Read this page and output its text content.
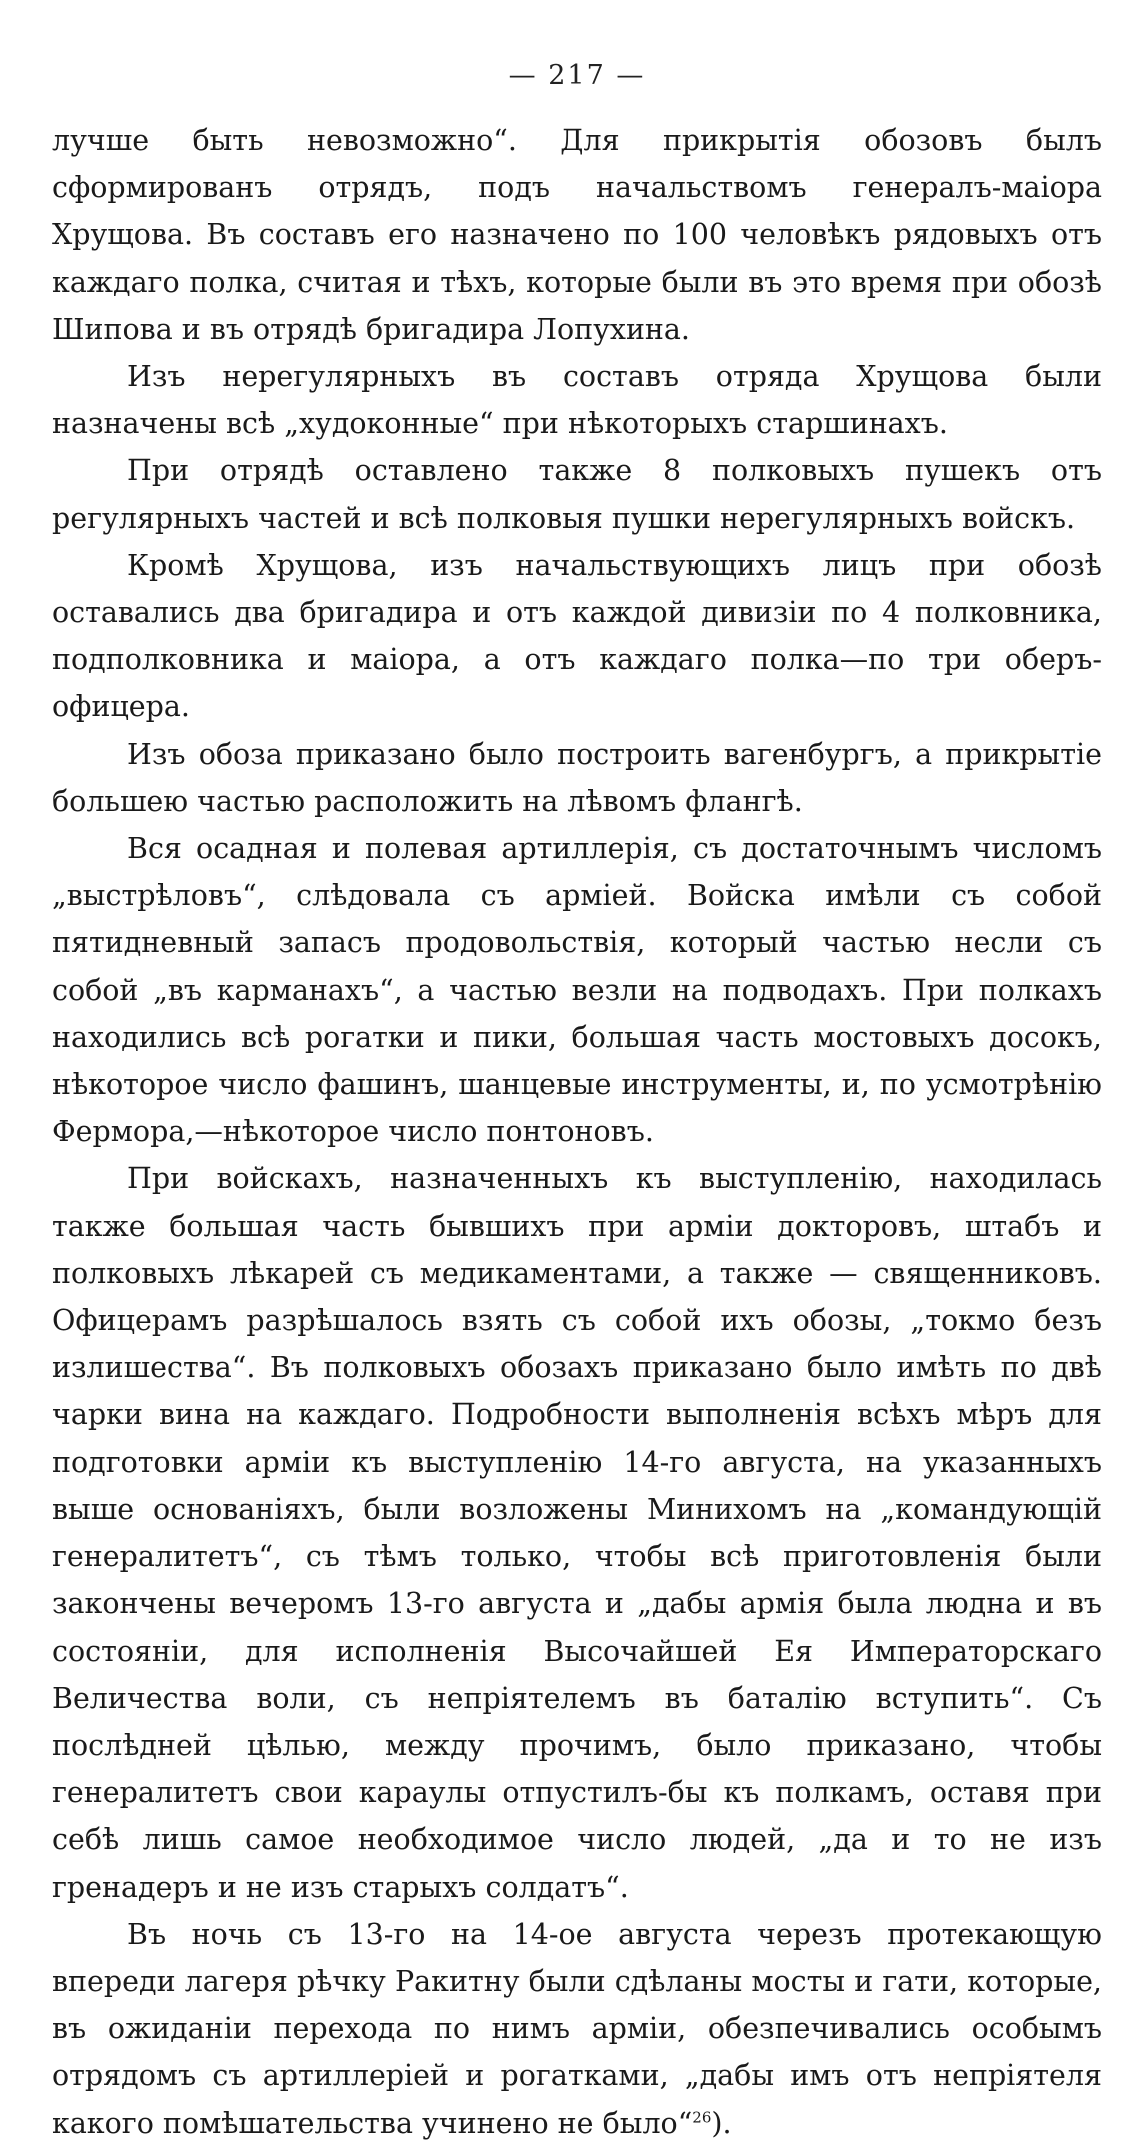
— 217 —

лучше быть невозможно“. Для прикрытія обозовъ былъ сформированъ отрядъ, подъ начальствомъ генералъ-маіора Хрущова. Въ составъ его назначено по 100 человѣкъ рядовыхъ отъ каждаго полка, считая и тѣхъ, которые были въ это время при обозѣ Шипова и въ отрядѣ бригадира Лопухина.

Изъ нерегулярныхъ въ составъ отряда Хрущова были назначены всѣ „худоконные“ при нѣкоторыхъ старшинахъ.

При отрядѣ оставлено также 8 полковыхъ пушекъ отъ регулярныхъ частей и всѣ полковыя пушки нерегулярныхъ войскъ.

Кромѣ Хрущова, изъ начальствующихъ лицъ при обозѣ оставались два бригадира и отъ каждой дивизіи по 4 полковника, подполковника и маіора, а отъ каждаго полка—по три оберъ-офицера.

Изъ обоза приказано было построить вагенбургъ, а прикрытіе большею частью расположить на лѣвомъ флангѣ.

Вся осадная и полевая артиллерія, съ достаточнымъ числомъ „выстрѣловъ“, слѣдовала съ арміей. Войска имѣли съ собой пятидневный запасъ продовольствія, который частью несли съ собой „въ карманахъ“, а частью везли на подводахъ. При полкахъ находились всѣ рогатки и пики, большая часть мостовыхъ досокъ, нѣкоторое число фашинъ, шанцевые инструменты, и, по усмотрѣнію Фермора,—нѣкоторое число понтоновъ.

При войскахъ, назначенныхъ къ выступленію, находилась также большая часть бывшихъ при арміи докторовъ, штабъ и полковыхъ лѣкарей съ медикаментами, а также — священниковъ. Офицерамъ разрѣшалось взять съ собой ихъ обозы, „токмо безъ излишества“. Въ полковыхъ обозахъ приказано было имѣть по двѣ чарки вина на каждаго. Подробности выполненія всѣхъ мѣръ для подготовки арміи къ выступленію 14-го августа, на указанныхъ выше основаніяхъ, были возложены Минихомъ на „командующій генералитетъ“, съ тѣмъ только, чтобы всѣ приготовленія были закончены вечеромъ 13-го августа и „дабы армія была людна и въ состояніи, для исполненія Высочайшей Ея Императорскаго Величества воли, съ непріятелемъ въ баталію вступить“. Съ послѣдней цѣлью, между прочимъ, было приказано, чтобы генералитетъ свои караулы отпустилъ-бы къ полкамъ, оставя при себѣ лишь самое необходимое число людей, „да и то не изъ гренадеръ и не изъ старыхъ солдатъ“.

Въ ночь съ 13-го на 14-ое августа черезъ протекающую впереди лагеря рѣчку Ракитну были сдѣланы мосты и гати, которые, въ ожиданіи перехода по нимъ арміи, обезпечивались особымъ отрядомъ съ артиллеріей и рогатками, „дабы имъ отъ непріятеля какого помѣшательства учинено не было“$^{26}$).
